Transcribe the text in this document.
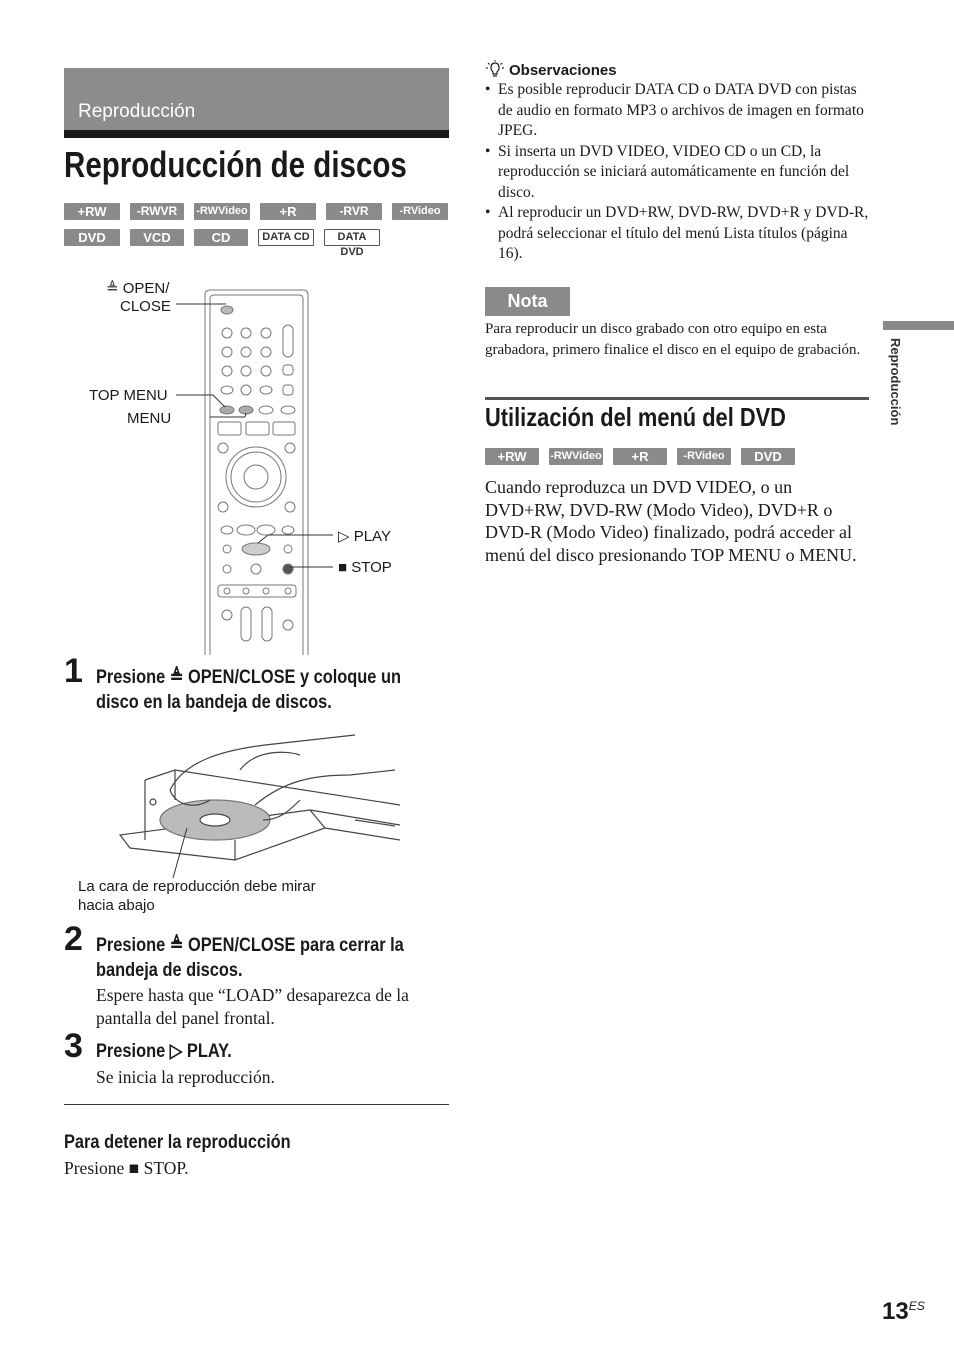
Reproducción
Reproducción de discos
+RW	-RWVR	-RWVideo	+R	-RVR	-RVideo
DVD	VCD	CD	DATA CD	DATA DVD
≜ OPEN/
CLOSE
TOP MENU
MENU
▷ PLAY
■ STOP
1 Presione ≜ OPEN/CLOSE y coloque un
disco en la bandeja de discos.
La cara de reproducción debe mirar
hacia abajo
2 Presione ≜ OPEN/CLOSE para cerrar la
bandeja de discos.
Espere hasta que “LOAD” desaparezca de la
pantalla del panel frontal.
3 Presione ▷ PLAY.
Se inicia la reproducción.
Para detener la reproducción
Presione ■ STOP.
Observaciones
• Es posible reproducir DATA CD o DATA DVD con pistas de audio en formato MP3 o archivos de imagen en formato JPEG.
• Si inserta un DVD VIDEO, VIDEO CD o un CD, la reproducción se iniciará automáticamente en función del disco.
• Al reproducir un DVD+RW, DVD-RW, DVD+R y DVD-R, podrá seleccionar el título del menú Lista títulos (página 16).
Nota
Para reproducir un disco grabado con otro equipo en esta grabadora, primero finalice el disco en el equipo de grabación.
Utilización del menú del DVD
+RW	-RWVideo	+R	-RVideo	DVD
Cuando reproduzca un DVD VIDEO, o un DVD+RW, DVD-RW (Modo Video), DVD+R o DVD-R (Modo Video) finalizado, podrá acceder al menú del disco presionando TOP MENU o MENU.
Reproducción
$13^{ES}$
